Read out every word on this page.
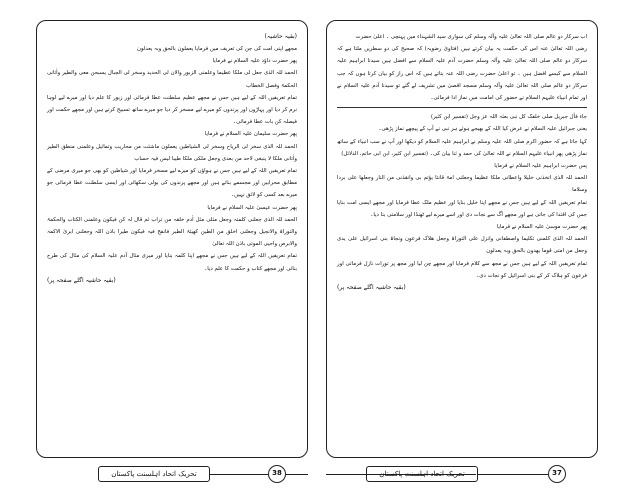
(بقیہ حاشیہ)

مجھے اپنی امت کی جن کی تعریف میں فرمایا یعملون بالحق وبہ یعدلون

پھر حضرت داؤد علیہ السلام نے فرمایا

الحمد للہ الذی جعل لی ملکا عظیما وعلمنی الزبور والان لی الحدید وسخر لی الجبال یسبحن معی والطیر واٰتانی الحکمۃ وفصل الخطاب

تمام تعریفیں اللہ کے لیے ہیں جس نے مجھے عظیم سلطنت عطا فرمائی اور زبور کا علم دیا اور میرے لیے لوہا نرم کر دیا اور پہاڑوں اور پرندوں کو میرے لیے مسخر کر دیا جو میرے ساتھ تسبیح کرتے ہیں اور مجھے حکمت اور فیصلہ کن بات عطا فرمائی۔

پھر حضرت سلیمان علیہ السلام نے فرمایا

الحمد للہ الذی سخر لی الریاح وسخر لی الشیاطین یعملون ماشئت من محاریب وتماثیل وعلمنی منطق الطیر واٰتانی ملکا لا ینبغی لاحد من بعدی وجعل ملکی ملکا طیبا لیس فیہ حساب

تمام تعریفیں اللہ کے لیے ہیں جس نے ہواؤں کو میرے لیے مسخر فرمایا اور شیاطین کو بھی جو میری مرضی کے مطابق محرابیں اور مجسمے بناتے ہیں اور مجھے پرندوں کی بولی سکھائی اور ایسی سلطنت عطا فرمائی جو میرے بعد کسی کو لائق نہیں۔

پھر حضرت عیسیٰ علیہ السلام نے فرمایا

الحمد للہ الذی جعلنی کلمتہ وجعل مثلی مثل اٰدم خلقہ من تراب ثم قال لہ کن فیکون وعلمنی الکتاب والحکمۃ والتوراۃ والانجیل وجعلنی اخلق من الطین کھیئۃ الطیر فانفخ فیہ فیکون طیرا باذن اللہ وجعلنی ابرئ الاکمہ والابرص واحیی الموتی باذن اللہ تعالیٰ

تمام تعریفیں اللہ کے لیے ہیں جس نے مجھے اپنا کلمہ بنایا اور میری مثال آدم علیہ السلام کی مثال کی طرح بنائی اور مجھے کتاب و حکمت کا علم دیا۔

(بقیہ حاشیہ اگلے صفحہ پر)

اب سرکار دو عالم صلی اللہ تعالیٰ علیہ وآلہ وسلم کی سواری سید الشہداء میں پہنچی ۔ اعلیٰ حضرت

رضی اللہ تعالیٰ عنہ اس کی حکمت یہ بیان کرتے ہیں (فتاویٰ رضویہ) کہ صحیح کی دو سطریں ملتا ہے کہ سرکار دو عالم صلی اللہ تعالیٰ علیہ وآلہ وسلم حضرت آدم علیہ السلام سے افضل ہیں سیدنا ابراہیم علیہ السلام سے کیسے افضل ہیں ۔ تو اعلیٰ حضرت رضی اللہ عنہ بتاتے ہیں کہ اس راز کو بیان کرتا ہوں کہ جب سرکار دو عالم صلی اللہ تعالیٰ علیہ وآلہ وسلم مسجد اقصیٰ میں تشریف لے گئے تو سیدنا آدم علیہ السلام نے اور تمام انبیاء علیہم السلام نے حضور کی امامت میں نماز ادا فرمائی۔

جاء فأل جبریل صلی خلفک کل نبی بعثہ اللہ عز وجل (تفسیر ابن کثیر)

یعنی جبرائیل علیہ السلام نے عرض کیا اللہ کے بھیجے ہوئے ہر نبی نے آپ کے پیچھے نماز پڑھی۔

کہا جاتا ہے کہ حضور اکرم صلی اللہ علیہ وسلم نے ابراہیم علیہ السلام کو دیکھا اور آپ نے سب انبیاء کے ساتھ نماز پڑھی پھر انبیاء علیہم السلام نے اللہ تعالیٰ کی حمد و ثنا بیان کی۔ (تفسیر ابن کثیر، ابن ابی حاتم، الدلائل)

پس حضرت ابراہیم علیہ السلام نے فرمایا

الحمد للہ الذی اتخذنی خلیلا واعطانی ملکا عظیما وجعلنی امۃ قانتا یؤتم بی وانقذنی من النار وجعلھا علی بردا وسلاما

تمام تعریفیں اللہ کے لیے ہیں جس نے مجھے اپنا خلیل بنایا اور عظیم ملک عطا فرمایا اور مجھے ایسی امت بنایا جس کی اقتدا کی جاتی ہے اور مجھے آگ سے نجات دی اور اسے میرے لیے ٹھنڈا اور سلامتی بنا دیا۔

پھر حضرت موسیٰ علیہ السلام نے فرمایا

الحمد للہ الذی کلمنی تکلیما واصطفانی وانزل علی التوراۃ وجعل ھلاک فرعون ونجاۃ بنی اسرائیل علی یدی وجعل من امتی قوما یھدون بالحق وبہ یعدلون

تمام تعریفیں اللہ کے لیے ہیں جس نے مجھ سے کلام فرمایا اور مجھے چن لیا اور مجھ پر تورات نازل فرمائی اور فرعون کو ہلاک کر کے بنی اسرائیل کو نجات دی۔

(بقیہ حاشیہ اگلے صفحہ پر)

تحریک اتحاد اہلسنت پاکستان	38	تحریک اتحاد اہلسنت پاکستان	37
